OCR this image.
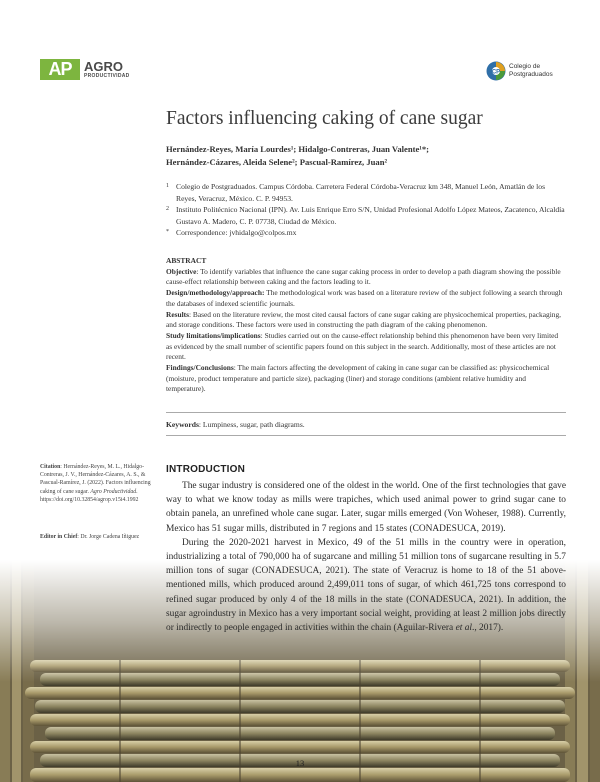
AP AGRO
PRODUCTIVIDAD
CP
Colegio de Postgraduados
Factors influencing caking of cane sugar
Hernández-Reyes, María Lourdes¹; Hidalgo-Contreras, Juan Valente¹*;
Hernández-Cázares, Aleida Selene²; Pascual-Ramírez, Juan²
1 Colegio de Postgraduados. Campus Córdoba. Carretera Federal Córdoba-Veracruz km 348, Manuel León, Amatlán de los Reyes, Veracruz, México. C. P. 94953.
2 Instituto Politécnico Nacional (IPN). Av. Luis Enrique Erro S/N, Unidad Profesional Adolfo López Mateos, Zacatenco, Alcaldía Gustavo A. Madero, C. P. 07738, Ciudad de México.
* Correspondence: jvhidalgo@colpos.mx
ABSTRACT
Objective: To identify variables that influence the cane sugar caking process in order to develop a path diagram showing the possible cause-effect relationship between caking and the factors leading to it.
Design/methodology/approach: The methodological work was based on a literature review of the subject following a search through the databases of indexed scientific journals.
Results: Based on the literature review, the most cited causal factors of cane sugar caking are physicochemical properties, packaging, and storage conditions. These factors were used in constructing the path diagram of the caking phenomenon.
Study limitations/implications: Studies carried out on the cause-effect relationship behind this phenomenon have been very limited as evidenced by the small number of scientific papers found on this subject in the search. Additionally, most of these articles are not recent.
Findings/Conclusions: The main factors affecting the development of caking in cane sugar can be classified as: physicochemical (moisture, product temperature and particle size), packaging (liner) and storage conditions (ambient relative humidity and temperature).
Keywords: Lumpiness, sugar, path diagrams.
Citation: Hernández-Reyes, M. L., Hidalgo-Contreras, J. V., Hernández-Cázares, A. S., & Pascual-Ramírez, J. (2022). Factors influencing caking of cane sugar. Agro Productividad. https://doi.org/10.32854/agrop.v15i4.1992
Editor in Chief: Dr. Jorge Cadena Iñiguez
INTRODUCTION

The sugar industry is considered one of the oldest in the world. One of the first technologies that gave way to what we know today as mills were trapiches, which used animal power to grind sugar cane to obtain panela, an unrefined whole cane sugar. Later, sugar mills emerged (Von Woheser, 1988). Currently, Mexico has 51 sugar mills, distributed in 7 regions and 15 states (CONADESUCA, 2019).

During the 2020-2021 harvest in Mexico, 49 of the 51 mills in the country were in operation, industrializing a total of 790,000 ha of sugarcane and milling 51 million tons of sugarcane resulting in 5.7 million tons of sugar (CONADESUCA, 2021). The state of Veracruz is home to 18 of the 51 above-mentioned mills, which produced around 2,499,011 tons of sugar, of which 461,725 tons correspond to refined sugar produced by only 4 of the 18 mills in the state (CONADESUCA, 2021). In addition, the sugar agroindustry in Mexico has a very important social weight, providing at least 2 million jobs directly or indirectly to people engaged in activities within the chain (Aguilar-Rivera et al., 2017).

13
